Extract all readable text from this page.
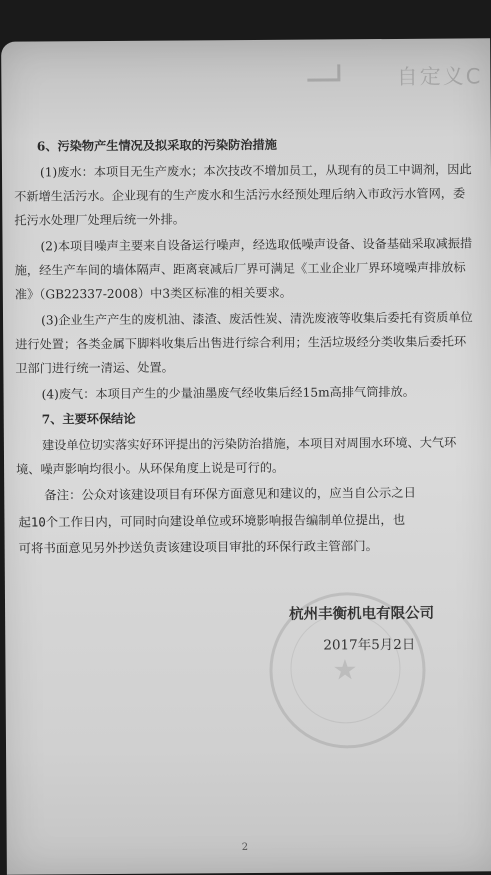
自定义C
6、污染物产生情况及拟采取的污染防治措施
(1)废水：本项目无生产废水；本次技改不增加员工，从现有的员工中调剂，因此
不新增生活污水。企业现有的生产废水和生活污水经预处理后纳入市政污水管网，委
托污水处理厂处理后统一外排。
(2)本项目噪声主要来自设备运行噪声，经选取低噪声设备、设备基础采取减振措
施，经生产车间的墙体隔声、距离衰减后厂界可满足《工业企业厂界环境噪声排放标
准》（GB22337-2008）中3类区标准的相关要求。
(3)企业生产产生的废机油、漆渣、废活性炭、清洗废液等收集后委托有资质单位
进行处置；各类金属下脚料收集后出售进行综合利用；生活垃圾经分类收集后委托环
卫部门进行统一清运、处置。
(4)废气：本项目产生的少量油墨废气经收集后经15m高排气筒排放。
7、主要环保结论
建设单位切实落实好环评提出的污染防治措施，本项目对周围水环境、大气环
境、噪声影响均很小。从环保角度上说是可行的。
备注：公众对该建设项目有环保方面意见和建议的，应当自公示之日
起10个工作日内，可同时向建设单位或环境影响报告编制单位提出，也
可将书面意见另外抄送负责该建设项目审批的环保行政主管部门。
★
杭州丰衡机电有限公司
2017年5月2日
2
